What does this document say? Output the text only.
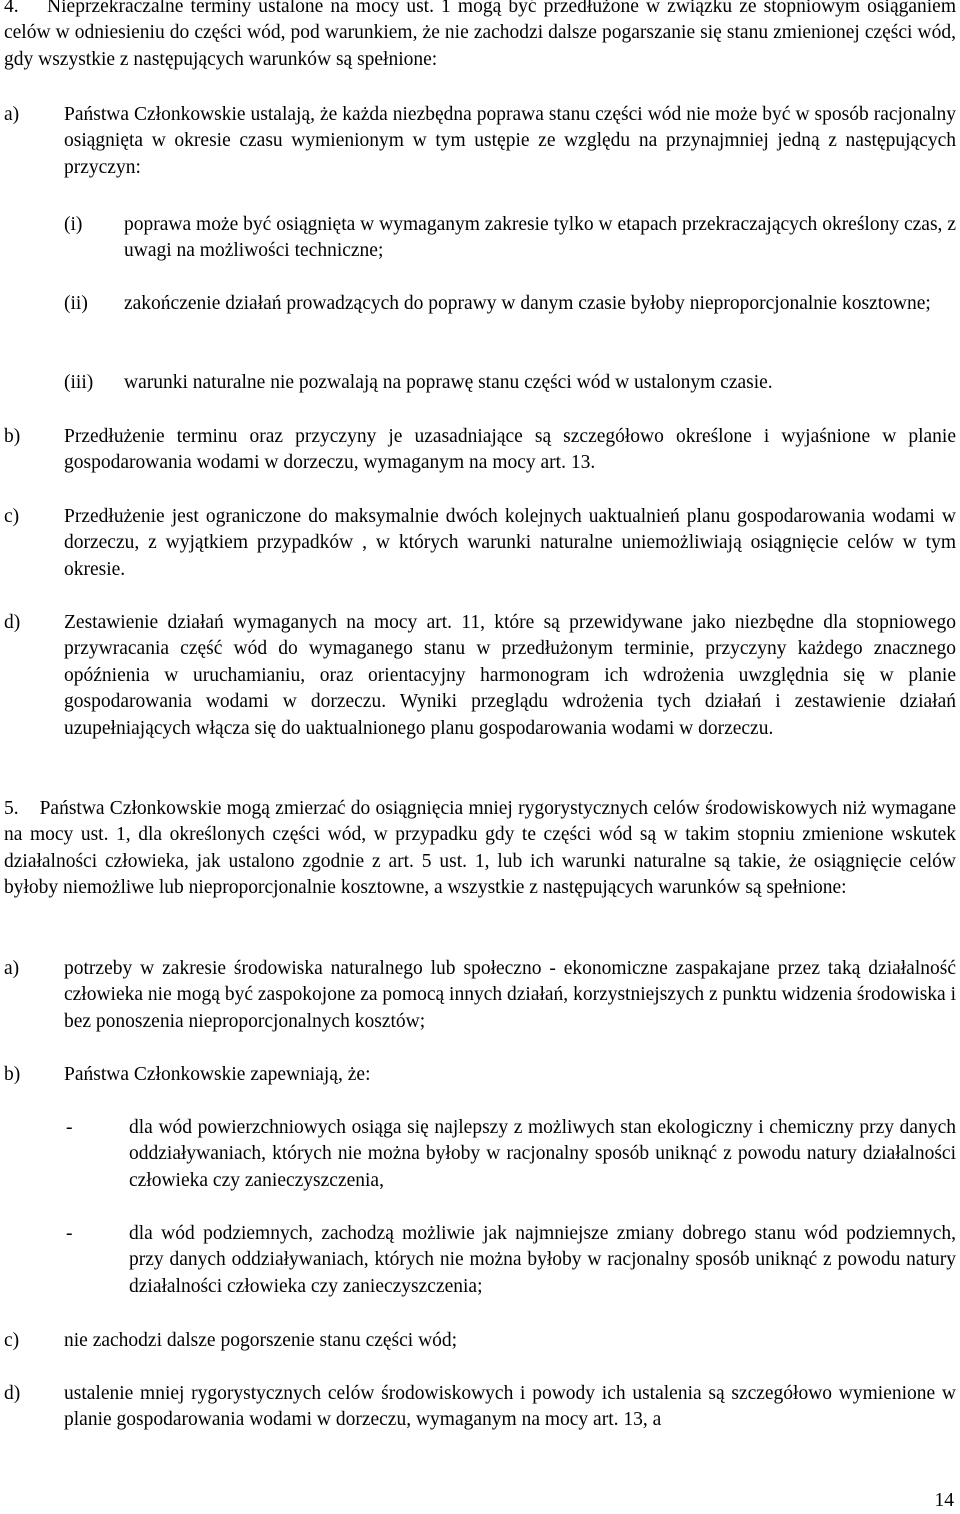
4. Nieprzekraczalne terminy ustalone na mocy ust. 1 mogą być przedłużone w związku ze stopniowym osiąganiem celów w odniesieniu do części wód, pod warunkiem, że nie zachodzi dalsze pogarszanie się stanu zmienionej części wód, gdy wszystkie z następujących warunków są spełnione:
a) Państwa Członkowskie ustalają, że każda niezbędna poprawa stanu części wód nie może być w sposób racjonalny osiągnięta w okresie czasu wymienionym w tym ustępie ze względu na przynajmniej jedną z następujących przyczyn:
(i) poprawa może być osiągnięta w wymaganym zakresie tylko w etapach przekraczających określony czas, z uwagi na możliwości techniczne;
(ii) zakończenie działań prowadzących do poprawy w danym czasie byłoby nieproporcjonalnie kosztowne;
(iii) warunki naturalne nie pozwalają na poprawę stanu części wód w ustalonym czasie.
b) Przedłużenie terminu oraz przyczyny je uzasadniające są szczegółowo określone i wyjaśnione w planie gospodarowania wodami w dorzeczu, wymaganym na mocy art. 13.
c) Przedłużenie jest ograniczone do maksymalnie dwóch kolejnych uaktualnień planu gospodarowania wodami w dorzeczu, z wyjątkiem przypadków , w których warunki naturalne uniemożliwiają osiągnięcie celów w tym okresie.
d) Zestawienie działań wymaganych na mocy art. 11, które są przewidywane jako niezbędne dla stopniowego przywracania część wód do wymaganego stanu w przedłużonym terminie, przyczyny każdego znacznego opóźnienia w uruchamianiu, oraz orientacyjny harmonogram ich wdrożenia uwzględnia się w planie gospodarowania wodami w dorzeczu. Wyniki przeglądu wdrożenia tych działań i zestawienie działań uzupełniających włącza się do uaktualnionego planu gospodarowania wodami w dorzeczu.
5. Państwa Członkowskie mogą zmierzać do osiągnięcia mniej rygorystycznych celów środowiskowych niż wymagane na mocy ust. 1, dla określonych części wód, w przypadku gdy te części wód są w takim stopniu zmienione wskutek działalności człowieka, jak ustalono zgodnie z art. 5 ust. 1, lub ich warunki naturalne są takie, że osiągnięcie celów byłoby niemożliwe lub nieproporcjonalnie kosztowne, a wszystkie z następujących warunków są spełnione:
a) potrzeby w zakresie środowiska naturalnego lub społeczno - ekonomiczne zaspakajane przez taką działalność człowieka nie mogą być zaspokojone za pomocą innych działań, korzystniejszych z punktu widzenia środowiska i bez ponoszenia nieproporcjonalnych kosztów;
b) Państwa Członkowskie zapewniają, że:
-	dla wód powierzchniowych osiąga się najlepszy z możliwych stan ekologiczny i chemiczny przy danych oddziaływaniach, których nie można byłoby w racjonalny sposób uniknąć z powodu natury działalności człowieka czy zanieczyszczenia,
-	dla wód podziemnych, zachodzą możliwie jak najmniejsze zmiany dobrego stanu wód podziemnych, przy danych oddziaływaniach, których nie można byłoby w racjonalny sposób uniknąć z powodu natury działalności człowieka czy zanieczyszczenia;
c) nie zachodzi dalsze pogorszenie stanu części wód;
d) ustalenie mniej rygorystycznych celów środowiskowych i powody ich ustalenia są szczegółowo wymienione w planie gospodarowania wodami w dorzeczu, wymaganym na mocy art. 13, a
14
